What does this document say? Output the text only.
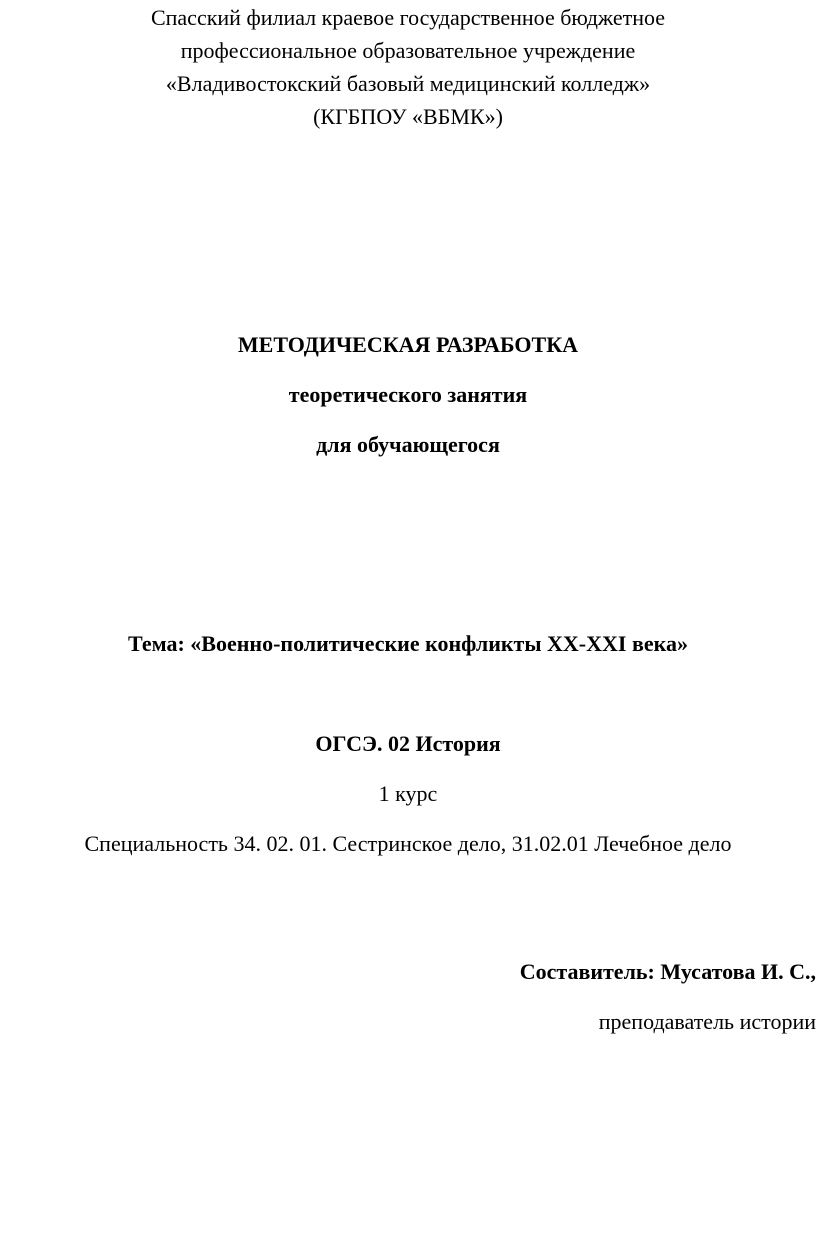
Спасский филиал краевое государственное бюджетное
профессиональное образовательное учреждение
«Владивостокский базовый медицинский колледж»
(КГБПОУ «ВБМК»)
МЕТОДИЧЕСКАЯ РАЗРАБОТКА
теоретического занятия
для обучающегося
Тема: «Военно-политические конфликты XX-XXI века»
ОГСЭ. 02 История
1 курс
Специальность 34. 02. 01. Сестринское дело, 31.02.01 Лечебное дело
Составитель: Мусатова И. С.,
преподаватель истории
